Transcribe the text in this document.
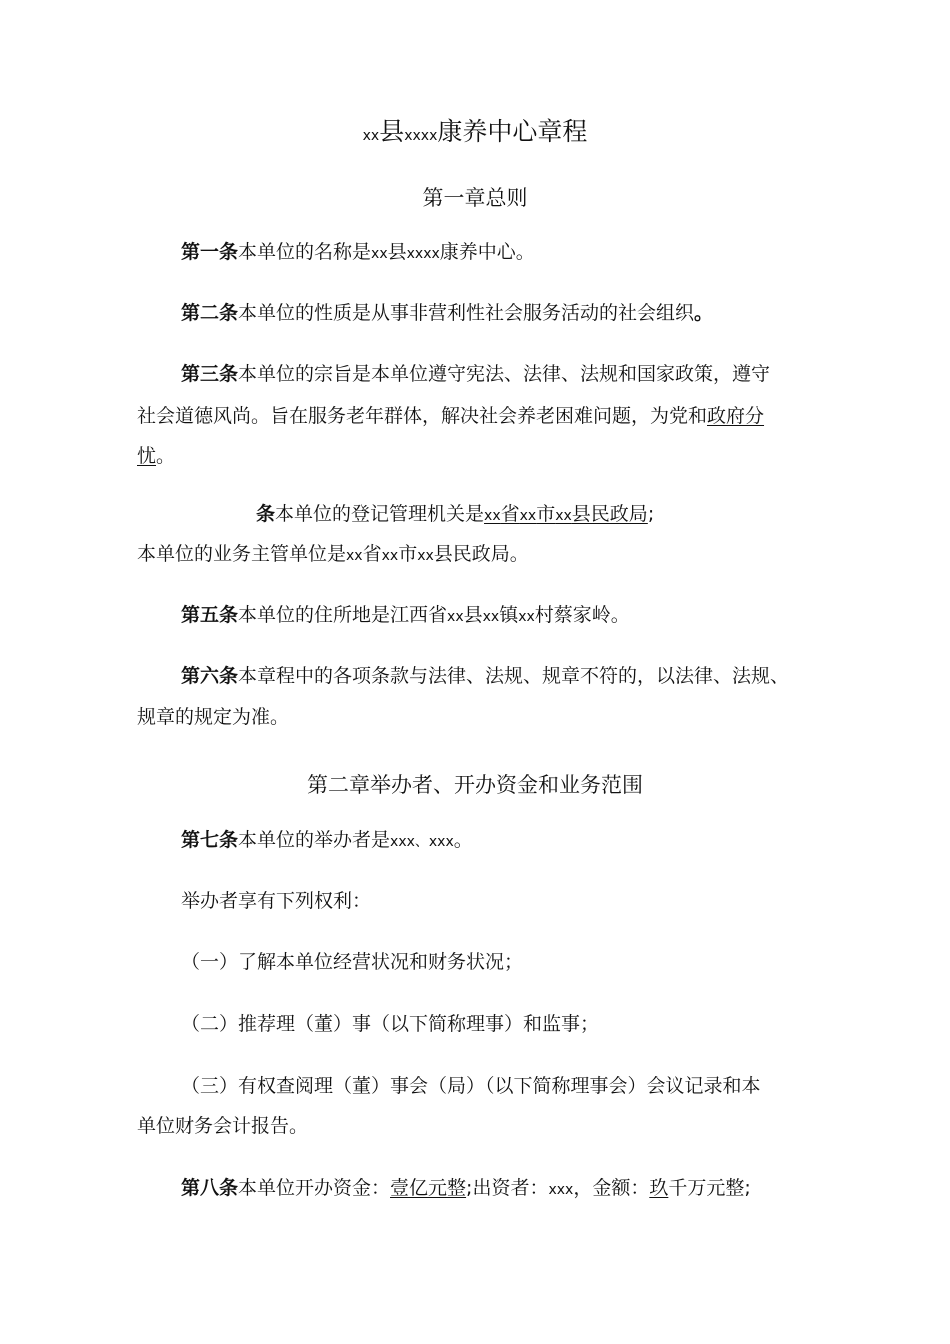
xx县xxxx康养中心章程
第一章总则
第一条本单位的名称是xx县xxxx康养中心。
第二条本单位的性质是从事非营利性社会服务活动的社会组织。
第三条本单位的宗旨是本单位遵守宪法、法律、法规和国家政策，遵守
社会道德风尚。旨在服务老年群体，解决社会养老困难问题，为党和政府分
忧。
条本单位的登记管理机关是xx省xx市xx县民政局;
本单位的业务主管单位是xx省xx市xx县民政局。
第五条本单位的住所地是江西省xx县xx镇xx村蔡家岭。
第六条本章程中的各项条款与法律、法规、规章不符的，以法律、法规、
规章的规定为准。
第二章举办者、开办资金和业务范围
第七条本单位的举办者是xxx、xxx。
举办者享有下列权利：
（一）了解本单位经营状况和财务状况；
（二）推荐理（董）事（以下简称理事）和监事；
（三）有权查阅理（董）事会（局）（以下简称理事会）会议记录和本
单位财务会计报告。
第八条本单位开办资金：壹亿元整;出资者：xxx，金额：玖千万元整;
